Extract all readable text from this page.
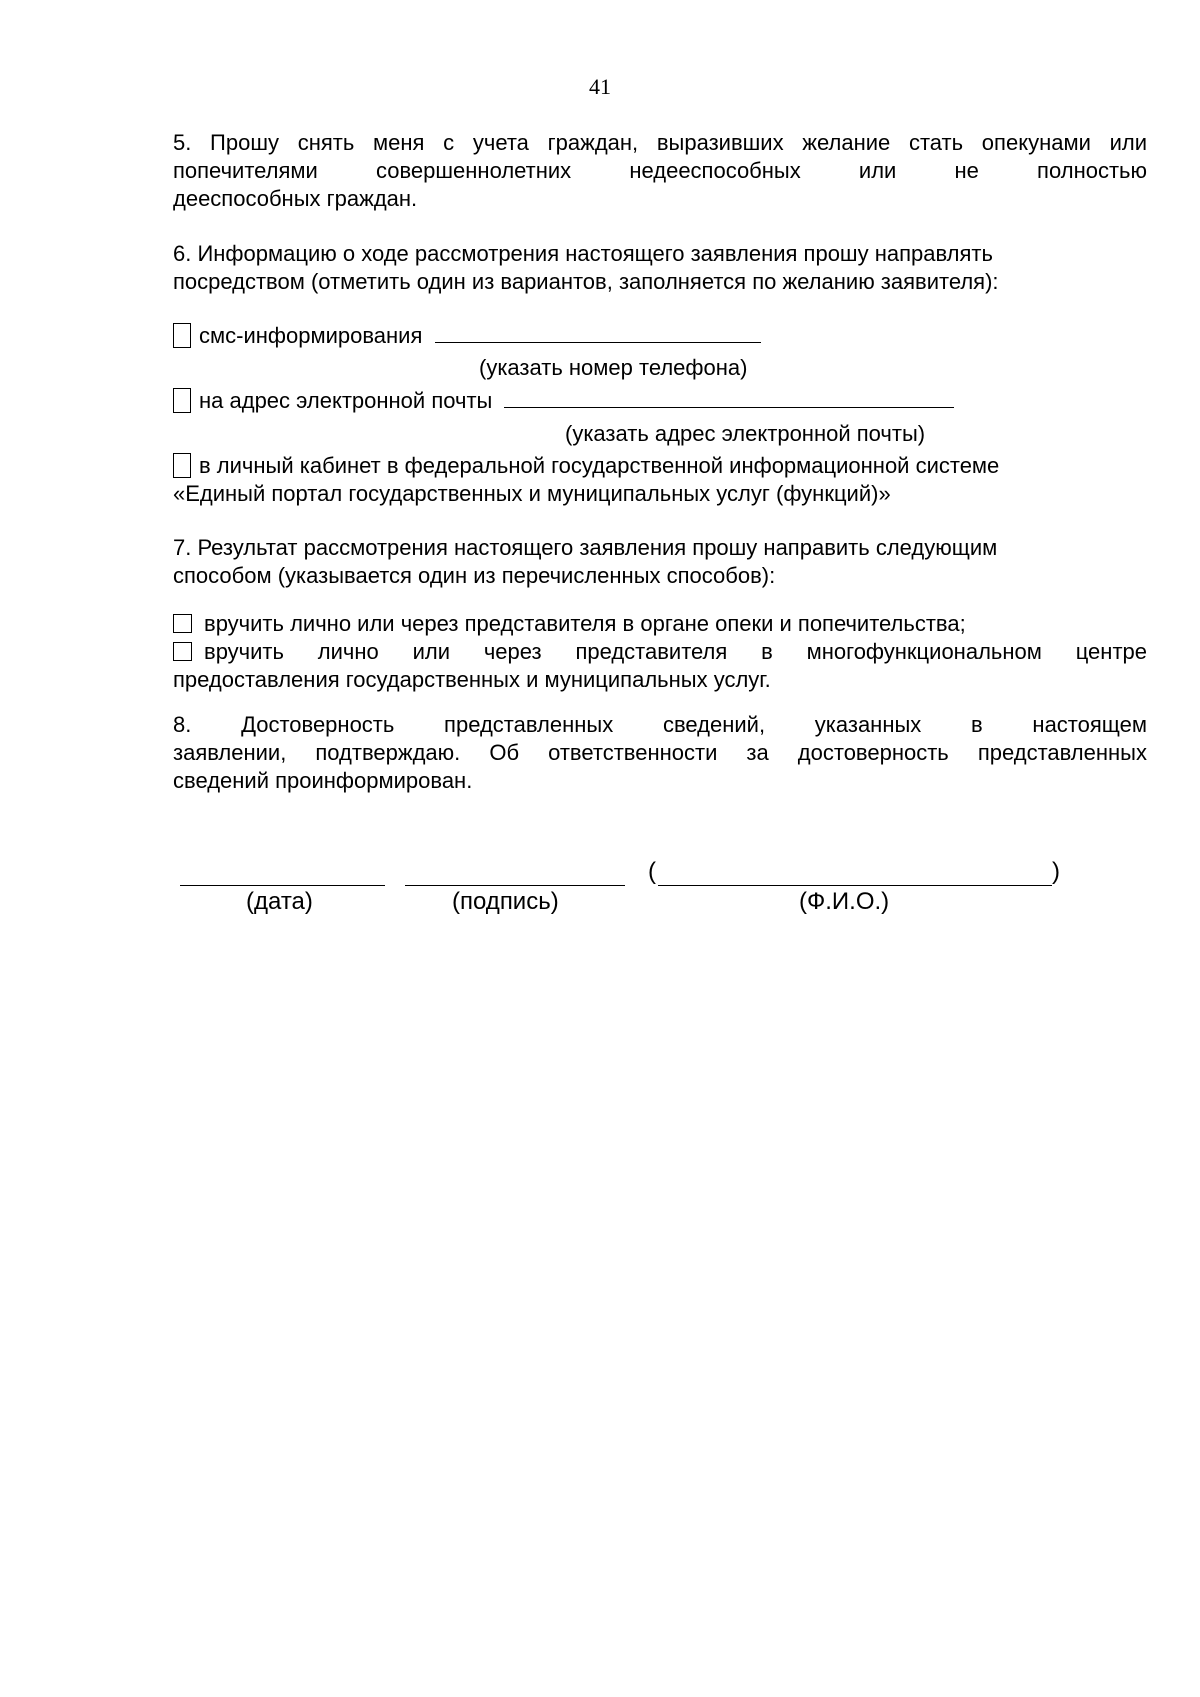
41
5. Прошу снять меня с учета граждан, выразивших желание стать опекунами или
попечителями совершеннолетних недееспособных или не полностью
дееспособных граждан.
6. Информацию о ходе рассмотрения настоящего заявления прошу направлять
посредством (отметить один из вариантов, заполняется по желанию заявителя):
смс-информирования
(указать номер телефона)
на адрес электронной почты
(указать адрес электронной почты)
в личный кабинет в федеральной государственной информационной системе
«Единый портал государственных и муниципальных услуг (функций)»
7. Результат рассмотрения настоящего заявления прошу направить следующим
способом (указывается один из перечисленных способов):
вручить лично или через представителя в органе опеки и попечительства;
вручить лично или через представителя в многофункциональном центре
предоставления государственных и муниципальных услуг.
8. Достоверность представленных сведений, указанных в настоящем
заявлении, подтверждаю. Об ответственности за достоверность представленных
сведений проинформирован.
(	)
(дата)	(подпись)	(Ф.И.О.)
